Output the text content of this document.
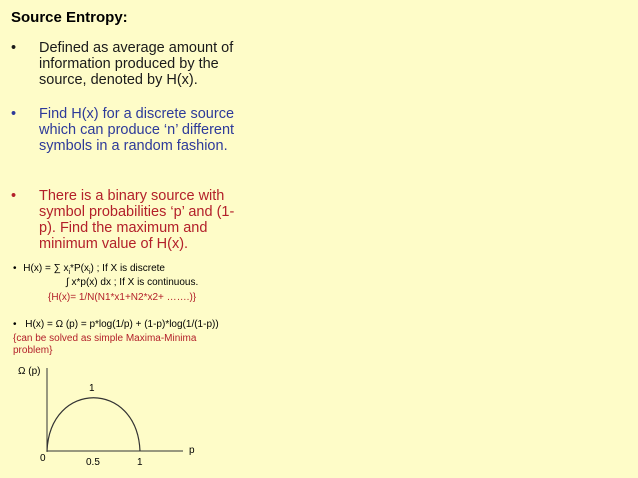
Source Entropy:
• Defined as average amount of information produced by the source, denoted by H(x).
• Find H(x) for a discrete source which can produce ‘n’ different symbols in a random fashion.
• There is a binary source with symbol probabilities ‘p’ and (1-p). Find the maximum and minimum value of H(x).
• H(x) = ∑ $x_i*P(x_i)$ ; If X is discrete
∫ x*p(x) dx ; If X is continuous.
{H(x)= 1/N(N1*x1+N2*x2+ …….)}
• H(x) = Ω (p) = p*log(1/p) + (1-p)*log(1/(1-p))
{can be solved as simple Maxima-Minima problem}
Ω (p)
1
p
0	0.5	1
